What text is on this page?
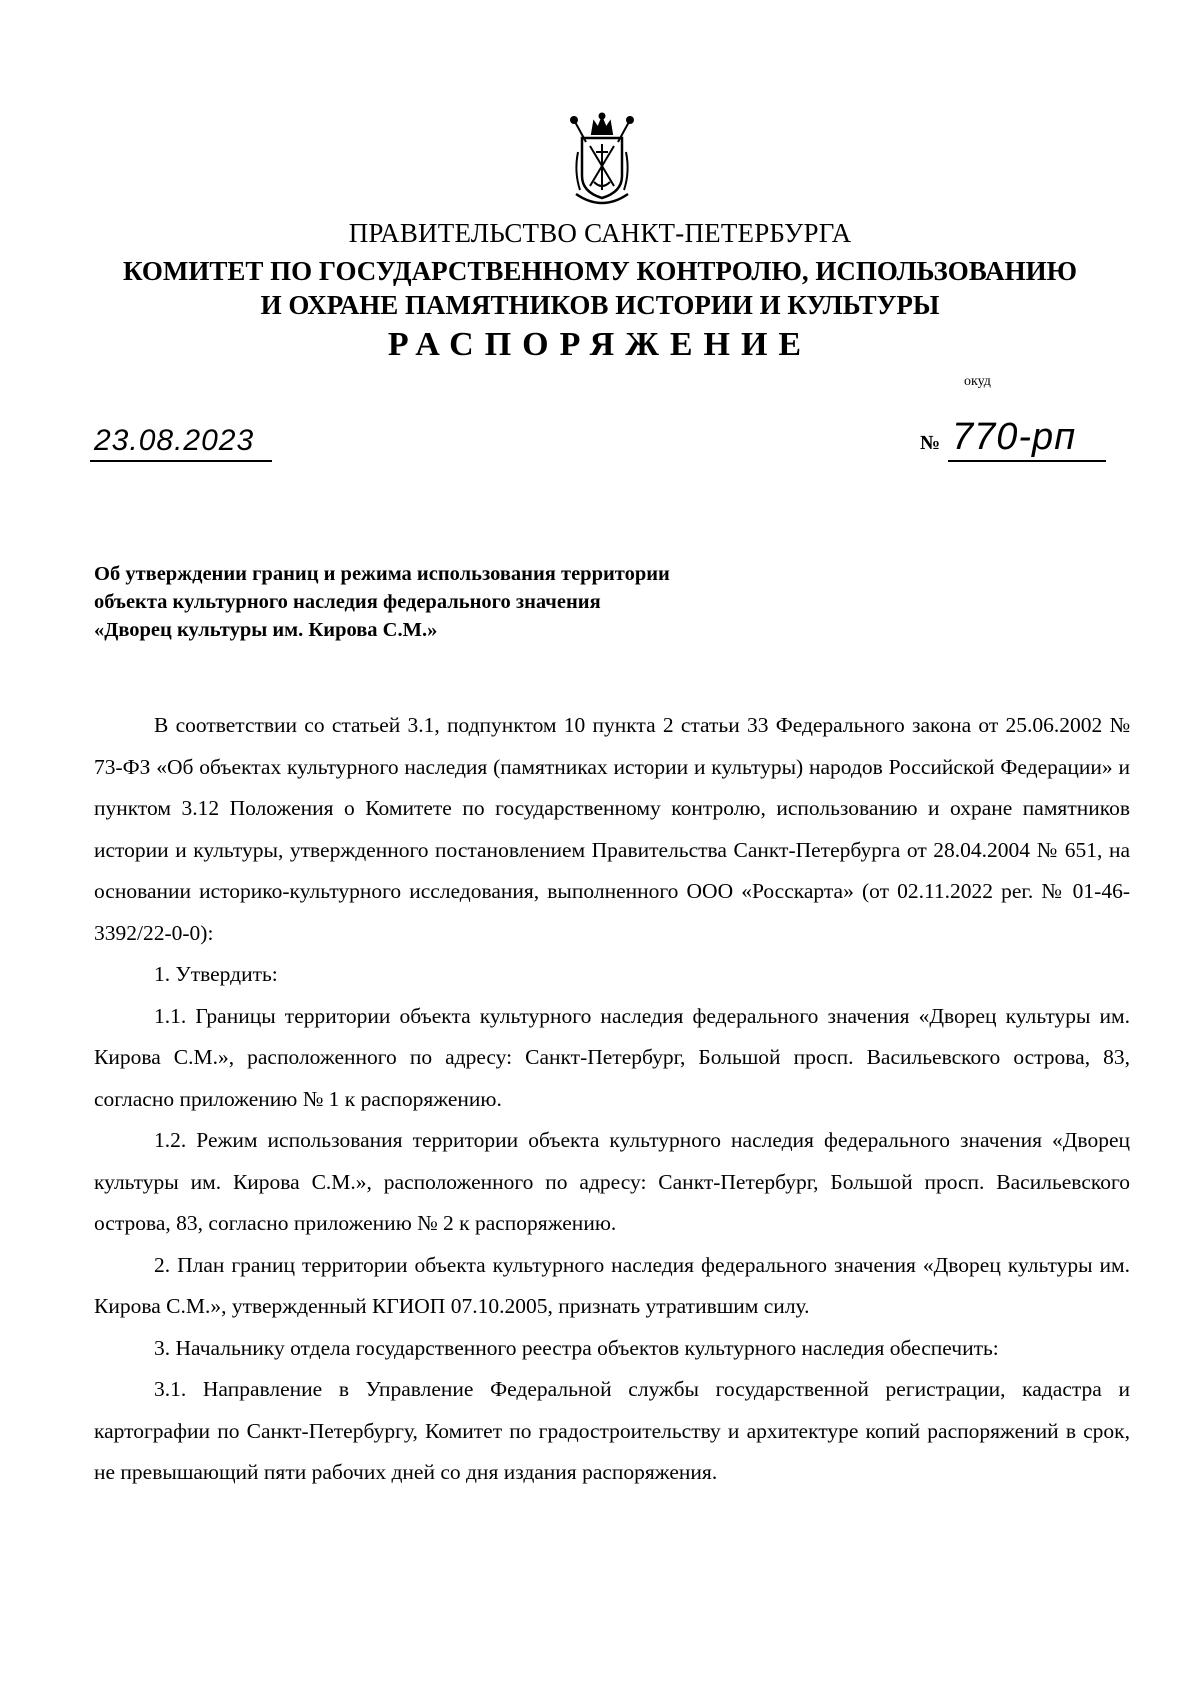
ПРАВИТЕЛЬСТВО САНКТ-ПЕТЕРБУРГА
КОМИТЕТ ПО ГОСУДАРСТВЕННОМУ КОНТРОЛЮ, ИСПОЛЬЗОВАНИЮ
И ОХРАНЕ ПАМЯТНИКОВ ИСТОРИИ И КУЛЬТУРЫ
РАСПОРЯЖЕНИЕ
окуд
23.08.2023	№ 770-рп
Об утверждении границ и режима использования территории
объекта культурного наследия федерального значения
«Дворец культуры им. Кирова С.М.»

В соответствии со статьей 3.1, подпунктом 10 пункта 2 статьи 33 Федерального закона от 25.06.2002 № 73-ФЗ «Об объектах культурного наследия (памятниках истории и культуры) народов Российской Федерации» и пунктом 3.12 Положения о Комитете по государственному контролю, использованию и охране памятников истории и культуры, утвержденного постановлением Правительства Санкт-Петербурга от 28.04.2004 № 651, на основании историко-культурного исследования, выполненного ООО «Росскарта» (от 02.11.2022 рег. № 01-46-3392/22-0-0):

1. Утвердить:

1.1. Границы территории объекта культурного наследия федерального значения «Дворец культуры им. Кирова С.М.», расположенного по адресу: Санкт-Петербург, Большой просп. Васильевского острова, 83, согласно приложению № 1 к распоряжению.

1.2. Режим использования территории объекта культурного наследия федерального значения «Дворец культуры им. Кирова С.М.», расположенного по адресу: Санкт-Петербург, Большой просп. Васильевского острова, 83, согласно приложению № 2 к распоряжению.

2. План границ территории объекта культурного наследия федерального значения «Дворец культуры им. Кирова С.М.», утвержденный КГИОП 07.10.2005, признать утратившим силу.

3. Начальнику отдела государственного реестра объектов культурного наследия обеспечить:

3.1. Направление в Управление Федеральной службы государственной регистрации, кадастра и картографии по Санкт-Петербургу, Комитет по градостроительству и архитектуре копий распоряжений в срок, не превышающий пяти рабочих дней со дня издания распоряжения.
